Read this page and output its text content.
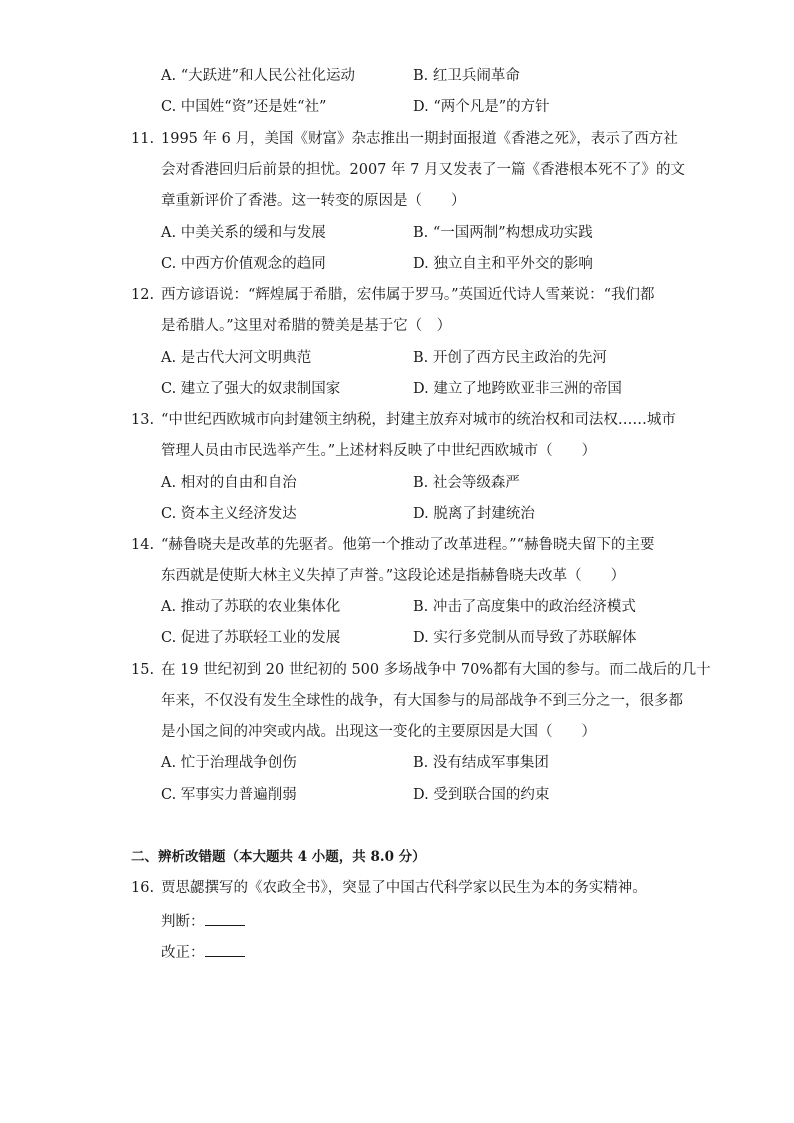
A. “大跃进”和人民公社化运动	B. 红卫兵闹革命
C. 中国姓“资”还是姓“社”	D. “两个凡是”的方针
11. 1995 年 6 月，美国《财富》杂志推出一期封面报道《香港之死》，表示了西方社
会对香港回归后前景的担忧。2007 年 7 月又发表了一篇《香港根本死不了》的文
章重新评价了香港。这一转变的原因是（　　）
A. 中美关系的缓和与发展	B. “一国两制”构想成功实践
C. 中西方价值观念的趋同	D. 独立自主和平外交的影响
12. 西方谚语说：“辉煌属于希腊，宏伟属于罗马。”英国近代诗人雪莱说：“我们都
是希腊人。”这里对希腊的赞美是基于它（　）
A. 是古代大河文明典范	B. 开创了西方民主政治的先河
C. 建立了强大的奴隶制国家	D. 建立了地跨欧亚非三洲的帝国
13. “中世纪西欧城市向封建领主纳税，封建主放弃对城市的统治权和司法权……城市
管理人员由市民选举产生。”上述材料反映了中世纪西欧城市（　　）
A. 相对的自由和自治	B. 社会等级森严
C. 资本主义经济发达	D. 脱离了封建统治
14. “赫鲁晓夫是改革的先驱者。他第一个推动了改革进程。”“赫鲁晓夫留下的主要
东西就是使斯大林主义失掉了声誉。”这段论述是指赫鲁晓夫改革（　　）
A. 推动了苏联的农业集体化	B. 冲击了高度集中的政治经济模式
C. 促进了苏联轻工业的发展	D. 实行多党制从而导致了苏联解体
15. 在 19 世纪初到 20 世纪初的 500 多场战争中 70%都有大国的参与。而二战后的几十
年来，不仅没有发生全球性的战争，有大国参与的局部战争不到三分之一，很多都
是小国之间的冲突或内战。出现这一变化的主要原因是大国（　　）
A. 忙于治理战争创伤	B. 没有结成军事集团
C. 军事实力普遍削弱	D. 受到联合国的约束
二、辨析改错题（本大题共 4 小题，共 8.0 分）
16. 贾思勰撰写的《农政全书》，突显了中国古代科学家以民生为本的务实精神。
判断：
改正：
